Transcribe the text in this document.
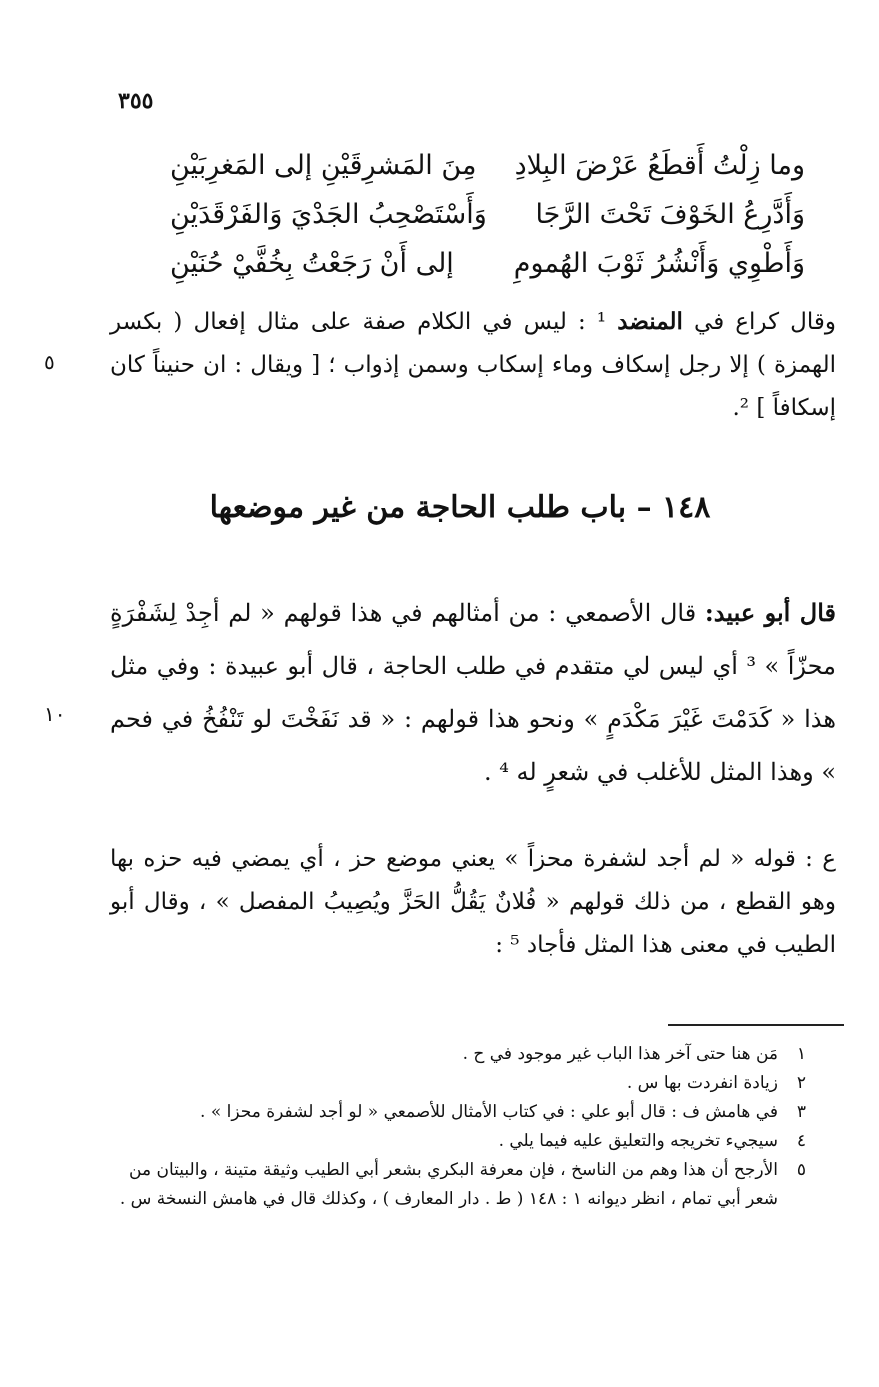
٣٥٥
وما زِلْتُ أَقطَعُ عَرْضَ البِلادِ
مِنَ المَشرِقَيْنِ إلى المَغرِبَيْنِ
وَأَدَّرِعُ الخَوْفَ تَحْتَ الرَّجَا
وَأَسْتَصْحِبُ الجَدْيَ وَالفَرْقَدَيْنِ
وَأَطْوِي وَأَنْشُرُ ثَوْبَ الهُمومِ
إلى أَنْ رَجَعْتُ بِخُفَّيْ حُنَيْنِ
وقال كراع في المنضد ¹ : ليس في الكلام صفة على مثال إفعال ( بكسر الهمزة ) إلا رجل إسكاف وماء إسكاب وسمن إذواب ؛ [ ويقال : ان حنيناً كان إسكافاً ] ².
٥
١٤٨ – باب طلب الحاجة من غير موضعها
قال أبو عبيد: قال الأصمعي : من أمثالهم في هذا قولهم « لم أجِدْ لِشَفْرَةٍ محزّاً » ³ أي ليس لي متقدم في طلب الحاجة ، قال أبو عبيدة : وفي مثل هذا « كَدَمْتَ غَيْرَ مَكْدَمٍ » ونحو هذا قولهم : « قد نَفَخْتَ لو تَنْفُخُ في فحم » وهذا المثل للأغلب في شعرٍ له ⁴ .
١٠
ع : قوله « لم أجد لشفرة محزاً » يعني موضع حز ، أي يمضي فيه حزه بها وهو القطع ، من ذلك قولهم « فُلانٌ يَقُلُّ الحَزَّ ويُصِيبُ المفصل » ، وقال أبو الطيب في معنى هذا المثل فأجاد ⁵ :
١
مَن هنا حتى آخر هذا الباب غير موجود في ح .
٢
زيادة انفردت بها س .
٣
في هامش ف : قال أبو علي : في كتاب الأمثال للأصمعي « لو أجد لشفرة محزا » .
٤
سيجيء تخريجه والتعليق عليه فيما يلي .
٥
الأرجح أن هذا وهم من الناسخ ، فإن معرفة البكري بشعر أبي الطيب وثيقة متينة ، والبيتان من شعر أبي تمام ، انظر ديوانه ١ : ١٤٨ ( ط . دار المعارف ) ، وكذلك قال في هامش النسخة س .
